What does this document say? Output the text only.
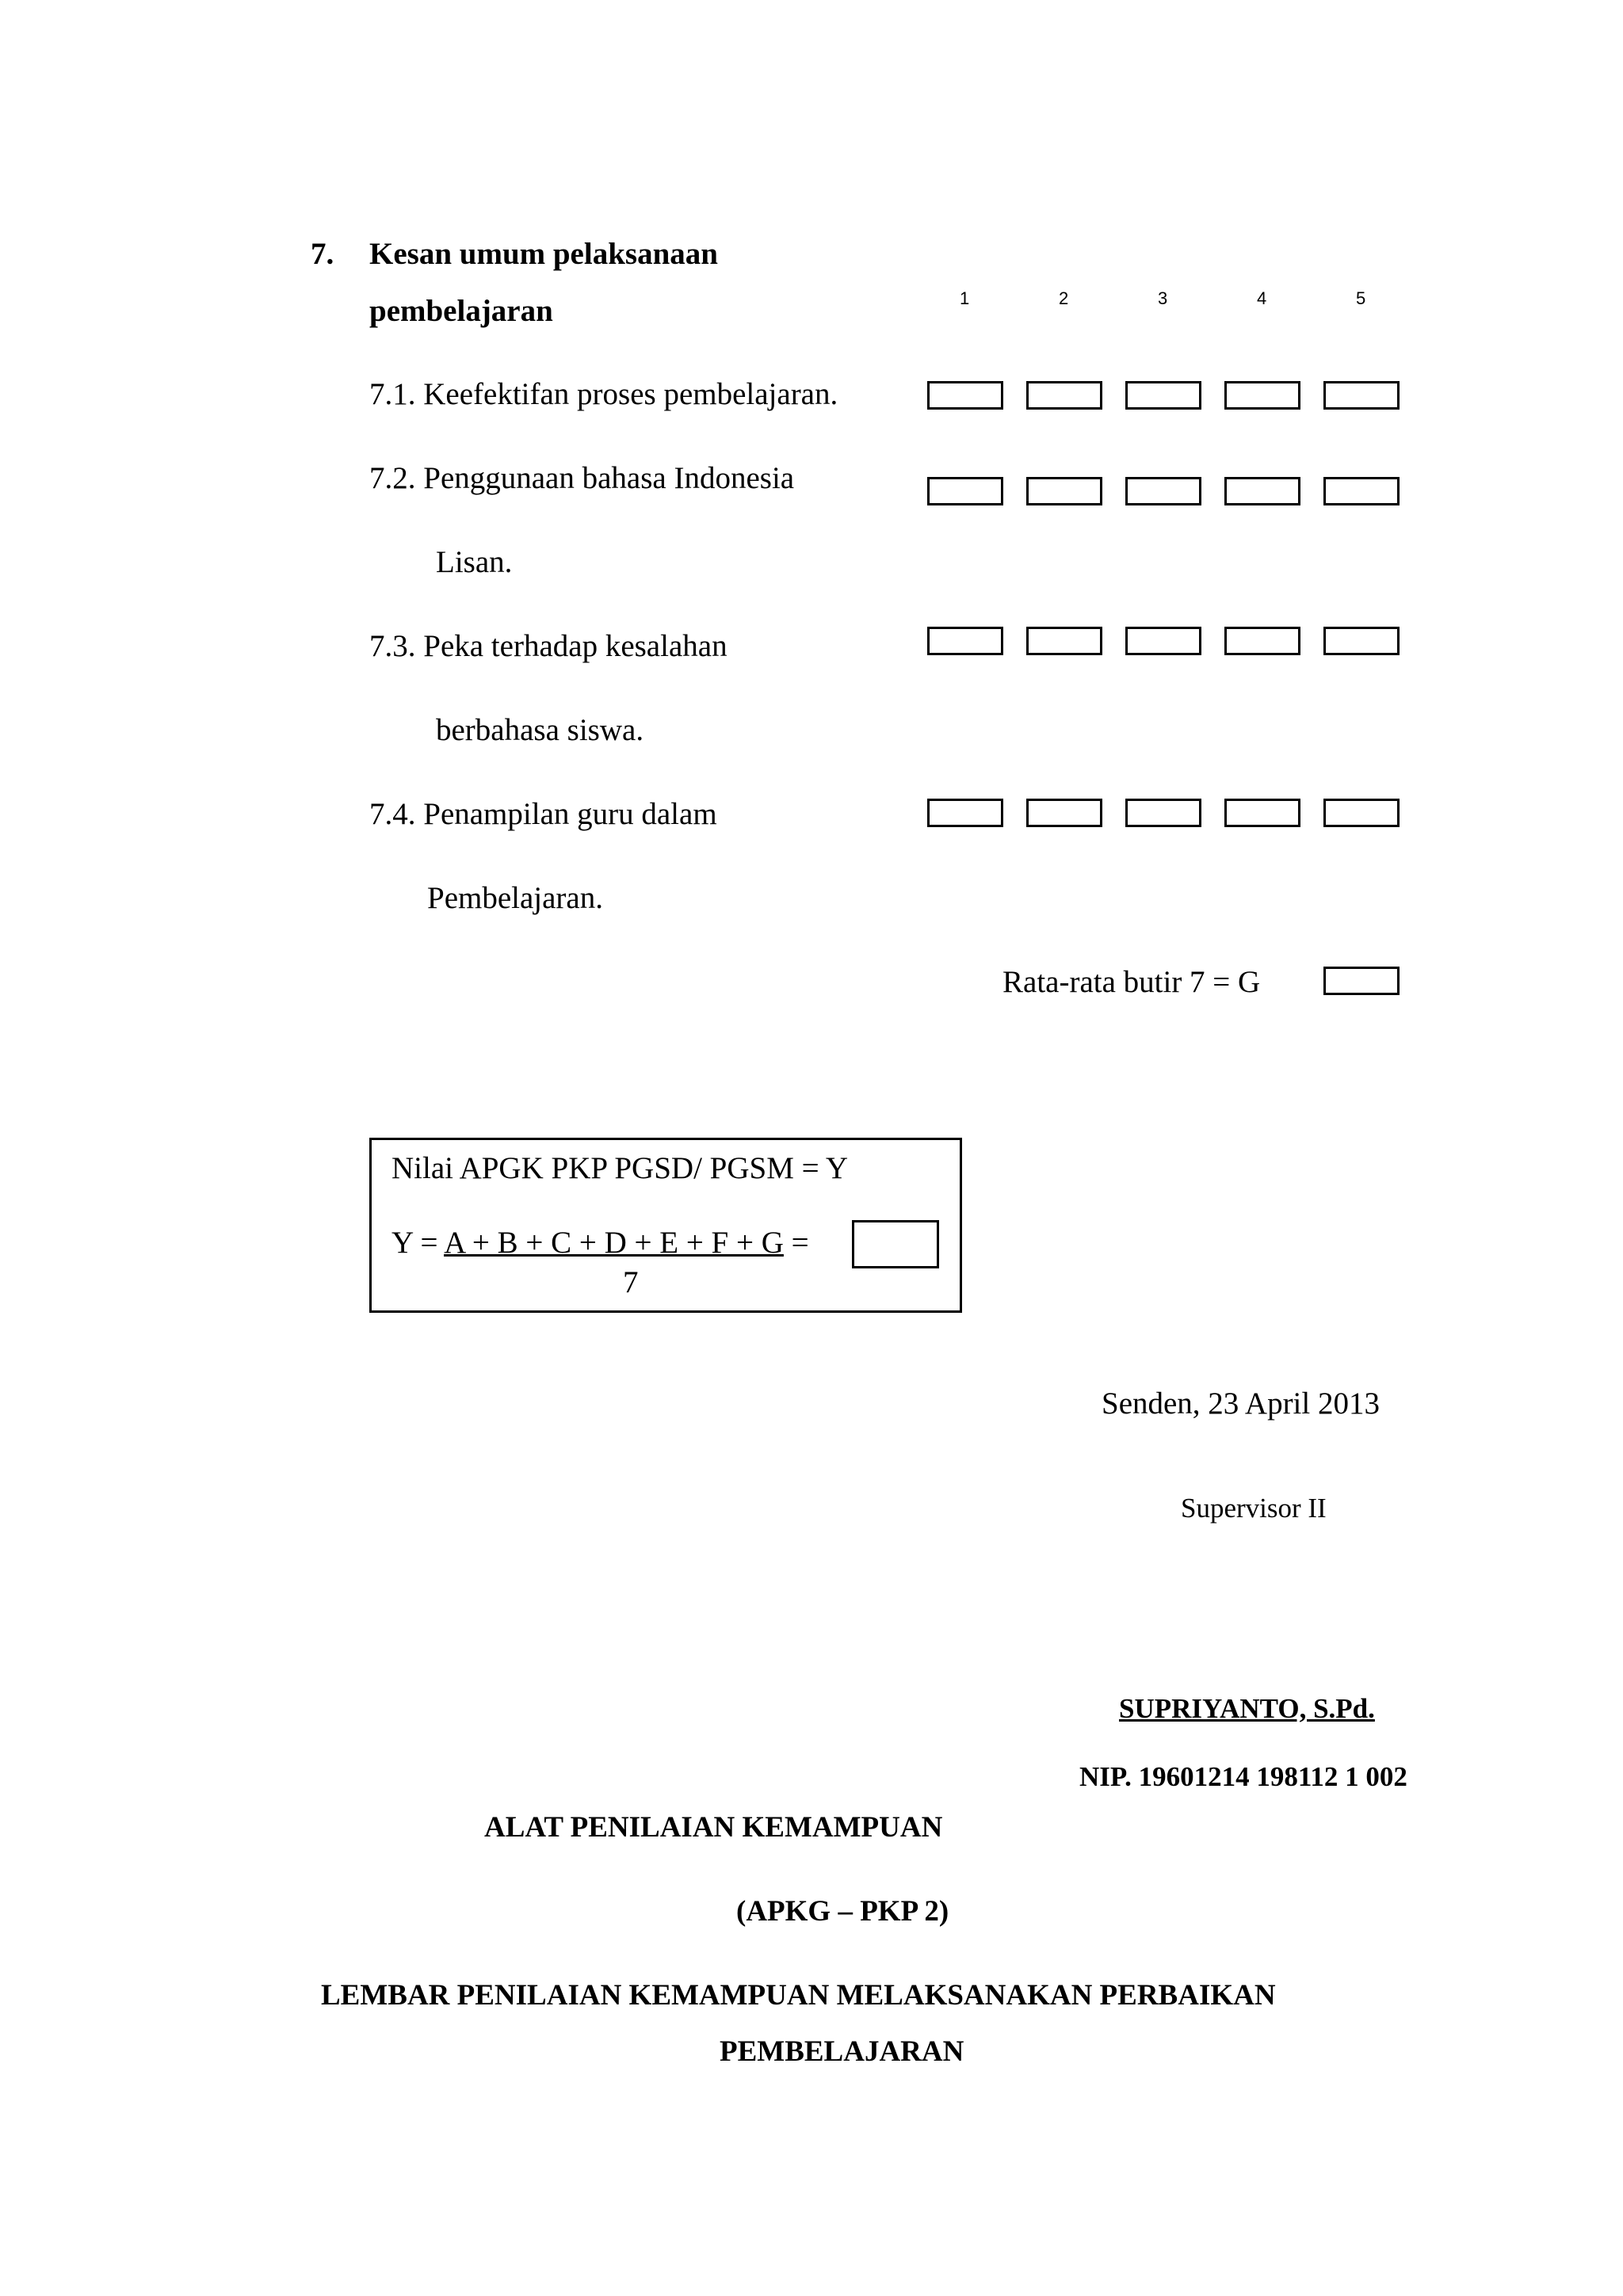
7. Kesan umum pelaksanaan
pembelajaran	1	2	3	4	5
7.1. Keefektifan proses pembelajaran.
7.2. Penggunaan bahasa Indonesia
Lisan.
7.3. Peka terhadap kesalahan
berbahasa siswa.
7.4. Penampilan guru dalam
Pembelajaran.
Rata-rata butir 7 = G
Nilai APGK PKP PGSD/ PGSM = Y
Y = A + B + C + D + E + F + G =
7
Senden, 23 April 2013
Supervisor II
SUPRIYANTO, S.Pd.
NIP. 19601214 198112 1 002
ALAT PENILAIAN KEMAMPUAN
(APKG – PKP 2)
LEMBAR PENILAIAN KEMAMPUAN MELAKSANAKAN PERBAIKAN
PEMBELAJARAN
